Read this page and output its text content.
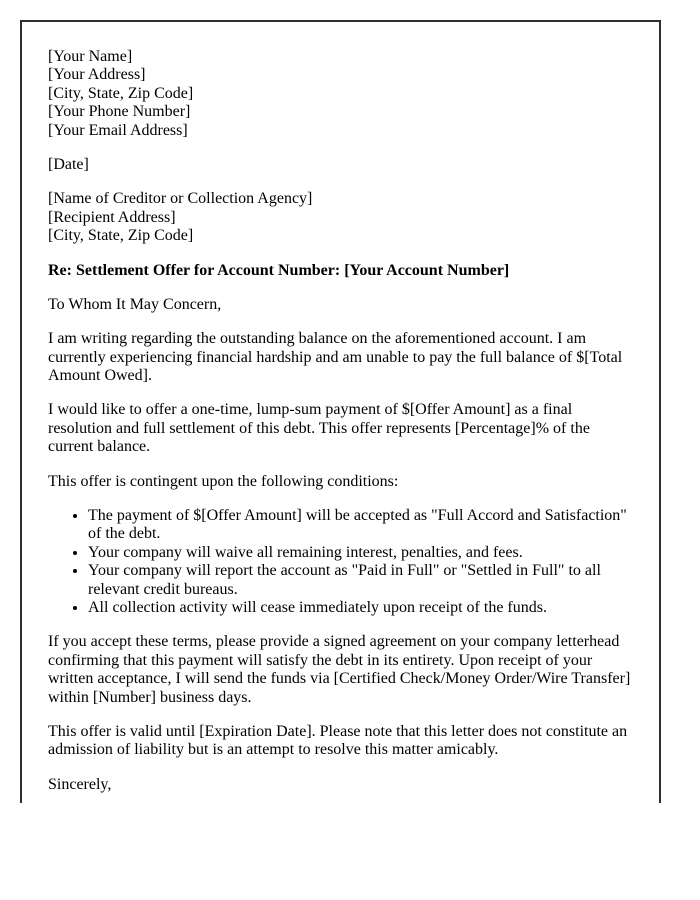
[Your Name]
[Your Address]
[City, State, Zip Code]
[Your Phone Number]
[Your Email Address]

[Date]

[Name of Creditor or Collection Agency]
[Recipient Address]
[City, State, Zip Code]

Re: Settlement Offer for Account Number: [Your Account Number]

To Whom It May Concern,

I am writing regarding the outstanding balance on the aforementioned account. I am currently experiencing financial hardship and am unable to pay the full balance of $[Total Amount Owed].

I would like to offer a one-time, lump-sum payment of $[Offer Amount] as a final resolution and full settlement of this debt. This offer represents [Percentage]% of the current balance.

This offer is contingent upon the following conditions:

• The payment of $[Offer Amount] will be accepted as "Full Accord and Satisfaction" of the debt.
• Your company will waive all remaining interest, penalties, and fees.
• Your company will report the account as "Paid in Full" or "Settled in Full" to all relevant credit bureaus.
• All collection activity will cease immediately upon receipt of the funds.

If you accept these terms, please provide a signed agreement on your company letterhead confirming that this payment will satisfy the debt in its entirety. Upon receipt of your written acceptance, I will send the funds via [Certified Check/Money Order/Wire Transfer] within [Number] business days.

This offer is valid until [Expiration Date]. Please note that this letter does not constitute an admission of liability but is an attempt to resolve this matter amicably.

Sincerely,
